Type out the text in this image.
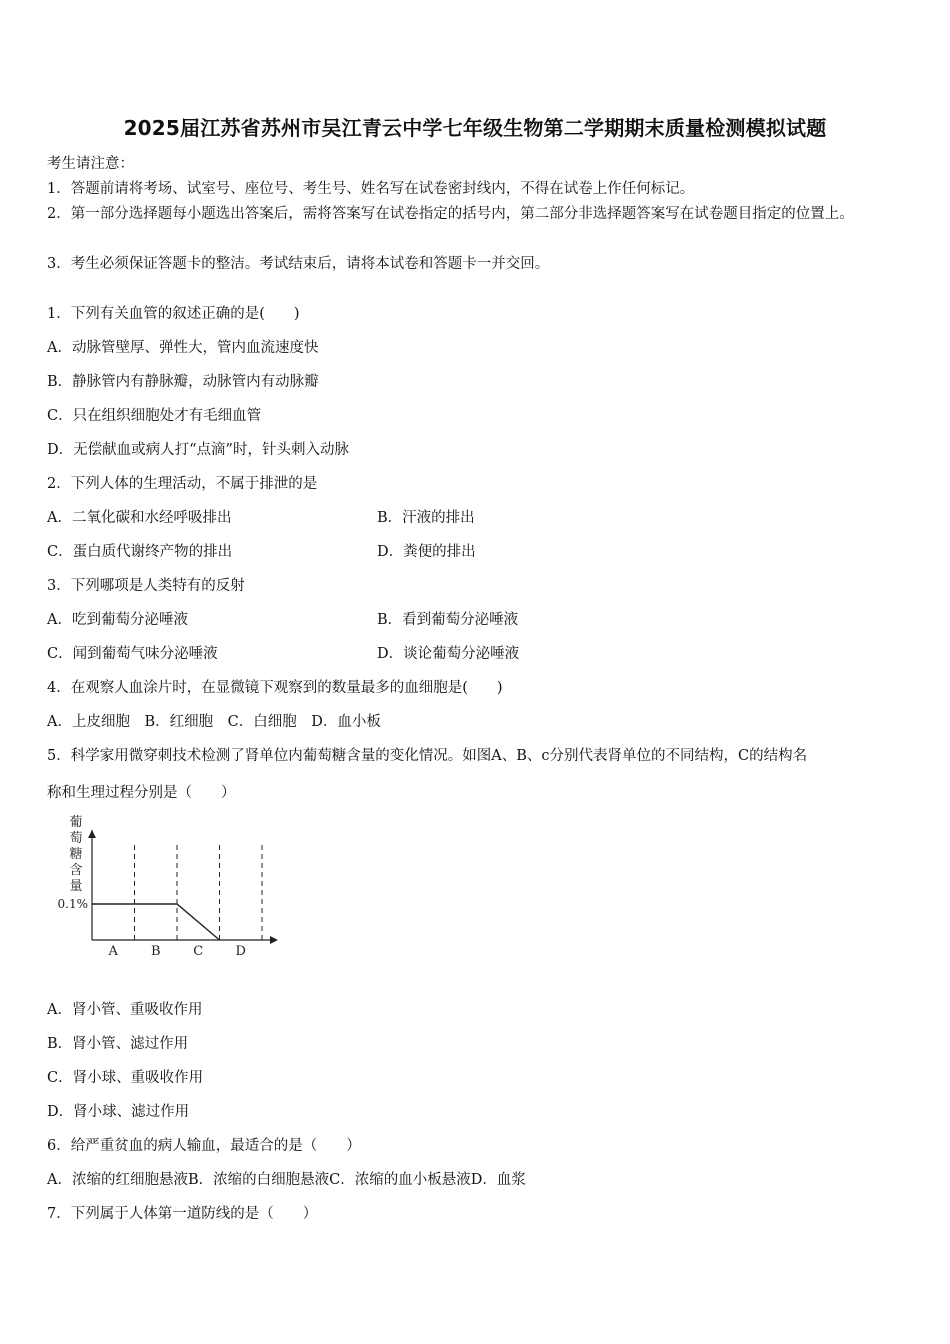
2025届江苏省苏州市吴江青云中学七年级生物第二学期期末质量检测模拟试题
考生请注意：
1．答题前请将考场、试室号、座位号、考生号、姓名写在试卷密封线内，不得在试卷上作任何标记。
2．第一部分选择题每小题选出答案后，需将答案写在试卷指定的括号内，第二部分非选择题答案写在试卷题目指定的位置上。
3．考生必须保证答题卡的整洁。考试结束后，请将本试卷和答题卡一并交回。
1．下列有关血管的叙述正确的是(　　)
A．动脉管壁厚、弹性大，管内血流速度快
B．静脉管内有静脉瓣，动脉管内有动脉瓣
C．只在组织细胞处才有毛细血管
D．无偿献血或病人打“点滴”时，针头刺入动脉
2．下列人体的生理活动，不属于排泄的是
A．二氧化碳和水经呼吸排出	B．汗液的排出
C．蛋白质代谢终产物的排出	D．粪便的排出
3．下列哪项是人类特有的反射
A．吃到葡萄分泌唾液	B．看到葡萄分泌唾液
C．闻到葡萄气味分泌唾液	D．谈论葡萄分泌唾液
4．在观察人血涂片时，在显微镜下观察到的数量最多的血细胞是(　　)
A．上皮细胞　B．红细胞　C．白细胞　D．血小板
5．科学家用微穿刺技术检测了肾单位内葡萄糖含量的变化情况。如图A、B、c分别代表肾单位的不同结构，C的结构名
称和生理过程分别是（　　）
葡
萄
糖
含
量
0.1%
A	B	C D
A．肾小管、重吸收作用
B．肾小管、滤过作用
C．肾小球、重吸收作用
D．肾小球、滤过作用
6．给严重贫血的病人输血，最适合的是（　　）
A．浓缩的红细胞悬液B．浓缩的白细胞悬液C．浓缩的血小板悬液D．血浆
7．下列属于人体第一道防线的是（　　）
